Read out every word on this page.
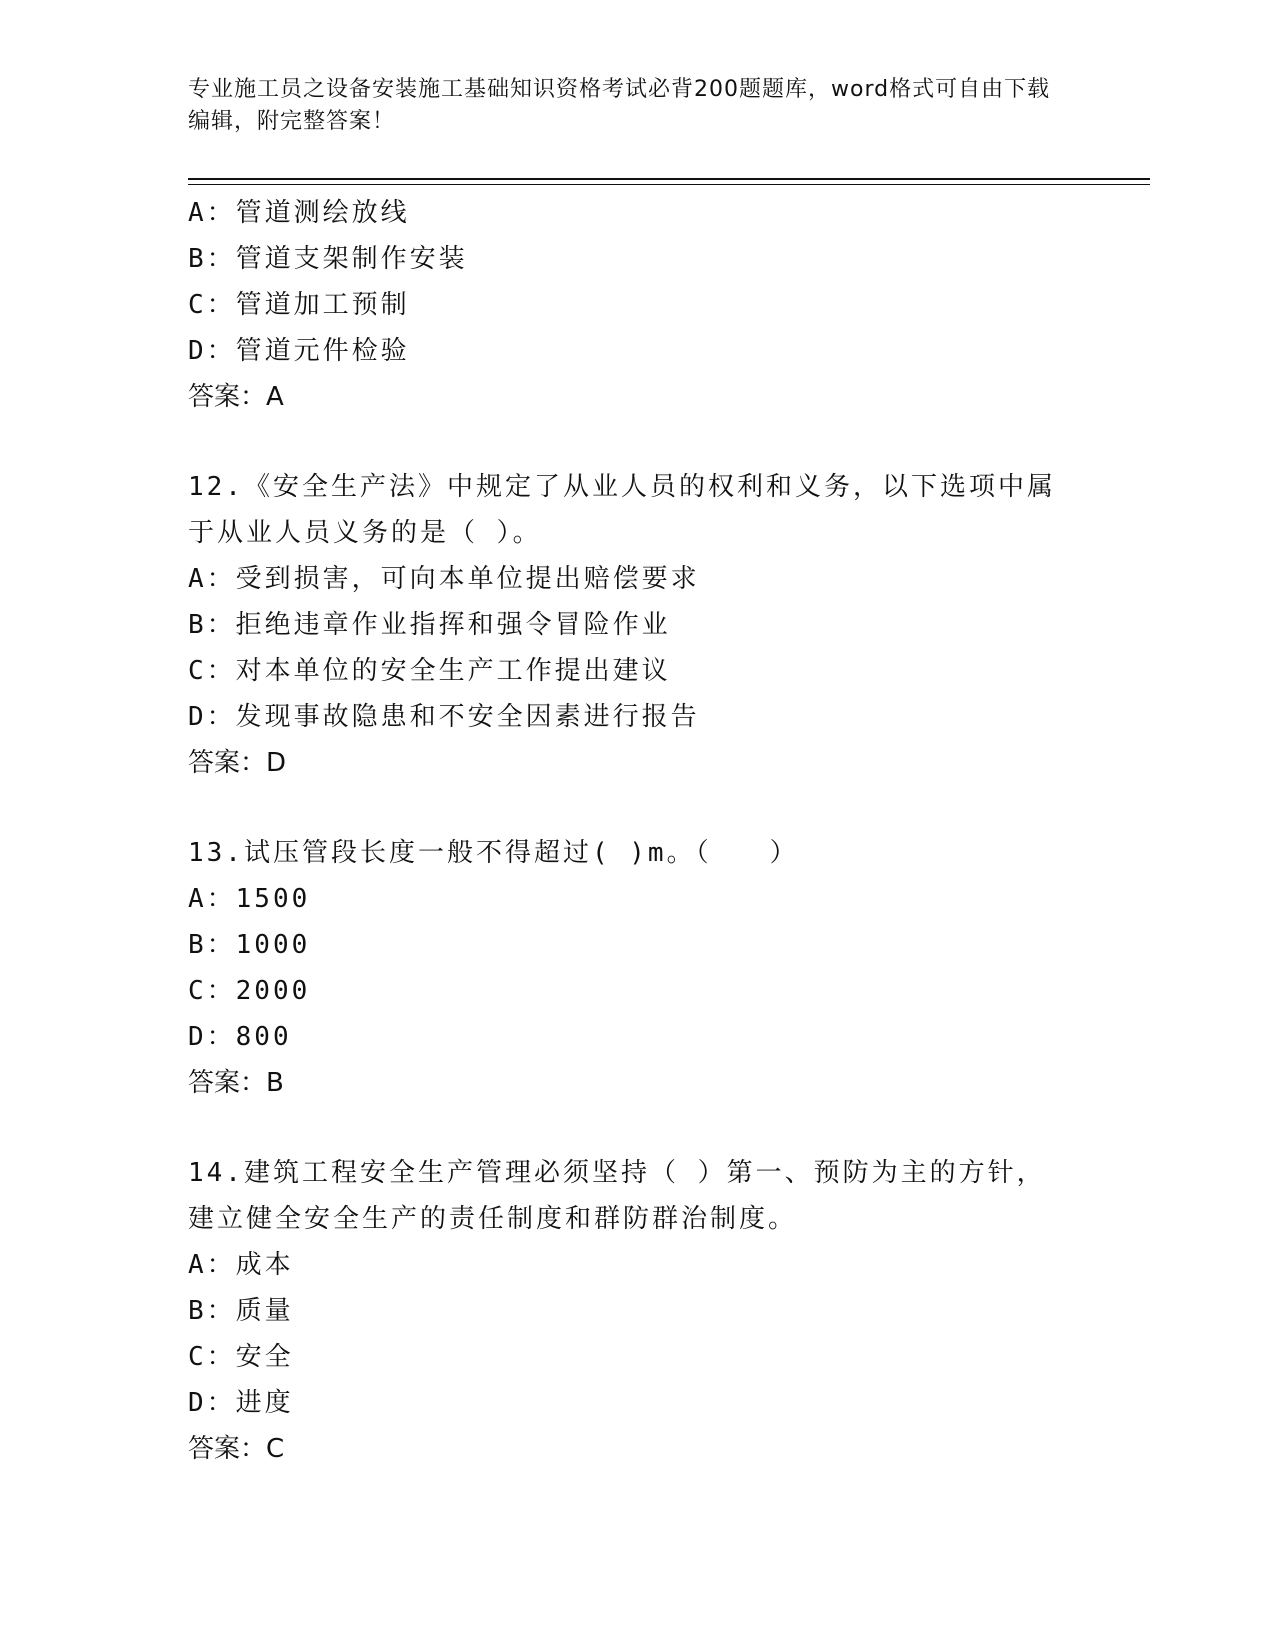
专业施工员之设备安装施工基础知识资格考试必背200题题库，word格式可自由下载编辑，附完整答案！
A：管道测绘放线
B：管道支架制作安装
C：管道加工预制
D：管道元件检验
答案：A
12.《安全生产法》中规定了从业人员的权利和义务，以下选项中属于从业人员义务的是（ ）。
A：受到损害，可向本单位提出赔偿要求
B：拒绝违章作业指挥和强令冒险作业
C：对本单位的安全生产工作提出建议
D：发现事故隐患和不安全因素进行报告
答案：D
13.试压管段长度一般不得超过( )m。（　　）
A：1500
B：1000
C：2000
D：800
答案：B
14.建筑工程安全生产管理必须坚持（ ）第一、预防为主的方针，建立健全安全生产的责任制度和群防群治制度。
A：成本
B：质量
C：安全
D：进度
答案：C
